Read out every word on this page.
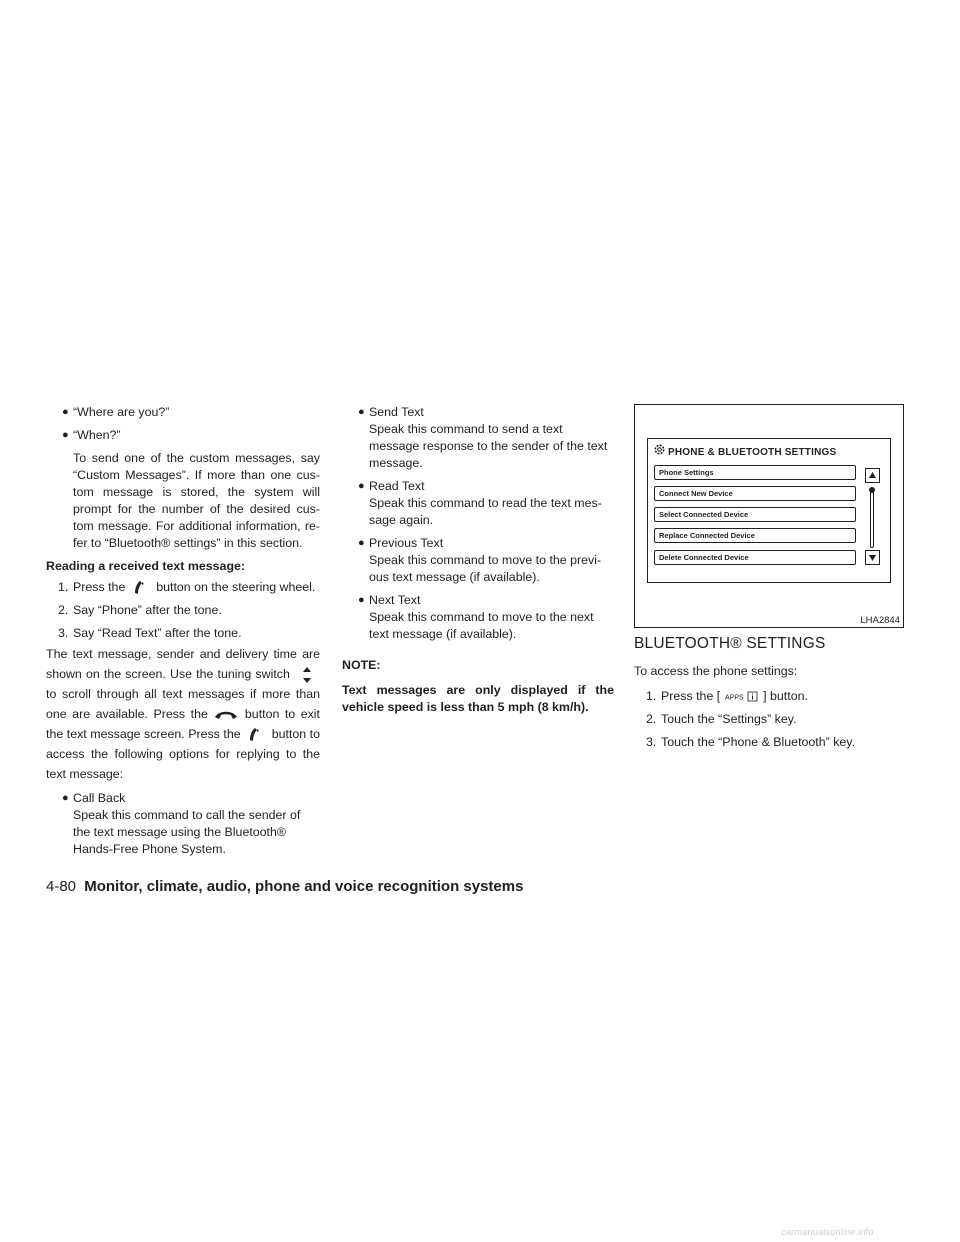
● “Where are you?”
● “When?”

To send one of the custom messages, say “Custom Messages”. If more than one cus-tom message is stored, the system will prompt for the number of the desired cus-tom message. For additional information, re-fer to “Bluetooth® settings” in this section.

Reading a received text message:

1. Press the button on the steering wheel.
2. Say “Phone” after the tone.
3. Say “Read Text” after the tone.

The text message, sender and delivery time are shown on the screen. Use the tuning switch  to scroll through all text messages if more than one are available. Press the	button to exit the text message screen. Press the	button to access the following options for replying to the text message:

● Call Back
Speak this command to call the sender of the text message using the Bluetooth® Hands-Free Phone System.
● Send Text
Speak this command to send a text message response to the sender of the text message.
● Read Text
Speak this command to read the text mes-sage again.
● Previous Text
Speak this command to move to the previ-ous text message (if available).
● Next Text
Speak this command to move to the next text message (if available).

NOTE:

Text messages are only displayed if the vehicle speed is less than 5 mph (8 km/h).

PHONE & BLUETOOTH SETTINGS
Phone Settings
Connect New Device
Select Connected Device
Replace Connected Device
Delete Connected Device
LHA2844
BLUETOOTH® SETTINGS

To access the phone settings:

1. Press the [ APPS ] button.
2. Touch the “Settings” key.
3. Touch the “Phone & Bluetooth” key.
4-80 Monitor, climate, audio, phone and voice recognition systems
carmanualsonline.info
